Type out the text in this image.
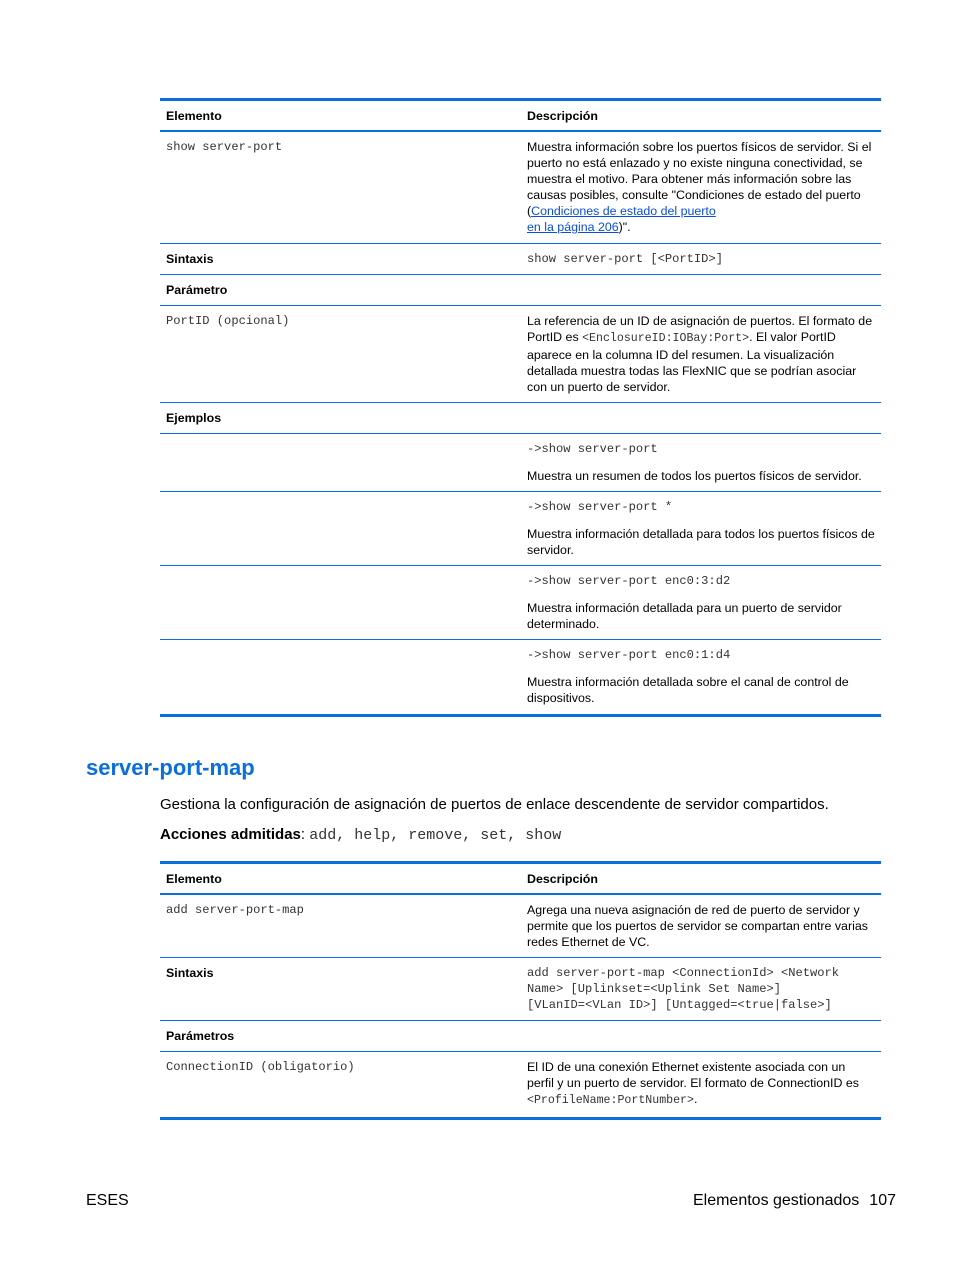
Elemento	Descripción
show server-port	Muestra información sobre los puertos físicos de servidor. Si el puerto no está enlazado y no existe ninguna conectividad, se muestra el motivo. Para obtener más información sobre las causas posibles, consulte "Condiciones de estado del puerto (Condiciones de estado del puerto
en la página 206)".
Sintaxis	show server-port [<PortID>]
Parámetro	
PortID (opcional)	La referencia de un ID de asignación de puertos. El formato de PortID es <EnclosureID:IOBay:Port>. El valor PortID aparece en la columna ID del resumen. La visualización detallada muestra todas las FlexNIC que se podrían asociar con un puerto de servidor.
Ejemplos	

	->show server-port
Muestra un resumen de todos los puertos físicos de servidor.

	->show server-port *
Muestra información detallada para todos los puertos físicos de servidor.

	->show server-port enc0:3:d2
Muestra información detallada para un puerto de servidor determinado.

	->show server-port enc0:1:d4
Muestra información detallada sobre el canal de control de dispositivos.
server-port-map

Gestiona la configuración de asignación de puertos de enlace descendente de servidor compartidos.

Acciones admitidas: add, help, remove, set, show

Elemento	Descripción
add server-port-map	Agrega una nueva asignación de red de puerto de servidor y permite que los puertos de servidor se compartan entre varias redes Ethernet de VC.
Sintaxis	add server-port-map <ConnectionId> <Network
Name> [Uplinkset=<Uplink Set Name>]
[VLanID=<VLan ID>] [Untagged=<true|false>]

Parámetros	
ConnectionID (obligatorio)	El ID de una conexión Ethernet existente asociada con un perfil y un puerto de servidor. El formato de ConnectionID es <ProfileName:PortNumber>.
ESES	Elementos gestionados 107
